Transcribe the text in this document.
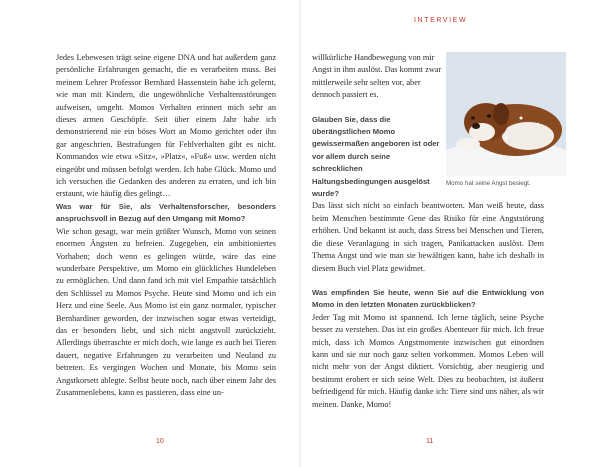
INTERVIEW

Jedes Lebewesen trägt seine eigene DNA und hat außerdem ganz persönliche Erfahrungen gemacht, die es verarbeiten muss. Bei meinem Lehrer Professor Bernhard Hassenstein habe ich gelernt, wie man mit Kindern, die ungewöhnliche Verhaltensstörungen aufweisen, umgeht. Momos Verhalten erinnert mich sehr an dieses armen Geschöpfe. Seit über einem Jahr habe ich demonstrierend nie ein böses Wort an Momo gerichtet oder ihn gar angeschrien. Bestrafungen für Fehlverhalten gibt es nicht. Kommandos wie etwa »Sitz«, »Platz«, »Fuß« usw. werden nicht eingeübt und müssen befolgt werden. Ich habe Glück. Momo und ich versuchen die Gedanken des anderen zu erraten, und ich bin erstaunt, wie häufig dies gelingt…

Was war für Sie, als Verhaltensforscher, besonders anspruchsvoll in Bezug auf den Umgang mit Momo?

Wie schon gesagt, war mein größter Wunsch, Momo von seinen enormen Ängsten zu befreien. Zugegeben, ein ambitioniertes Vorhaben; doch wenn es gelingen würde, wäre das eine wunderbare Perspektive, um Momo ein glückliches Hundeleben zu ermöglichen. Und dann fand ich mit viel Empathie tatsächlich den Schlüssel zu Momos Psyche. Heute sind Momo und ich ein Herz und eine Seele. Aus Momo ist ein ganz normaler, typischer Bernhardiner geworden, der inzwischen sogar etwas verteidigt, das er besonders liebt, und sich nicht angstvoll zurückzieht. Allerdings überraschte er mich doch, wie lange es auch bei Tieren dauert, negative Erfahrungen zu verarbeiten und Neuland zu betreten. Es vergingen Wochen und Monate, bis Momo sein Angstkorsett ablegte. Selbst heute noch, nach über einem Jahr des Zusammenlebens, kann es passieren, dass eine un-

Momo hat seine Angst besiegt.

willkürliche Handbewegung von mir Angst in ihm auslöst. Das kommt zwar mittlerweile sehr selten vor, aber dennoch passiert es.

Glauben Sie, dass die überängstlichen Momo gewissermaßen angeboren ist oder vor allem durch seine schrecklichen Haltungsbedingungen ausgelöst wurde?

Das lässt sich nicht so einfach beantworten. Man weiß heute, dass beim Menschen bestimmte Gene das Risiko für eine Angststörung erhöhen. Und bekannt ist auch, dass Stress bei Menschen und Tieren, die diese Veranlagung in sich tragen, Panikattacken auslöst. Dem Thema Angst und wie man sie bewältigen kann, habe ich deshalb in diesem Buch viel Platz gewidmet.

Was empfinden Sie heute, wenn Sie auf die Entwicklung von Momo in den letzten Monaten zurückblicken?

Jeder Tag mit Momo ist spannend. Ich lerne täglich, seine Psyche besser zu verstehen. Das ist ein großes Abenteuer für mich. Ich freue mich, dass ich Momos Angstmomente inzwischen gut einordnen kann und sie nur noch ganz selten vorkommen. Momos Leben will nicht mehr von der Angst diktiert. Vorsichtig, aber neugierig und bestimmt erobert er sich seine Welt. Dies zu beobachten, ist äußerst befriedigend für mich. Häufig danke ich: Tiere sind uns näher, als wir meinen. Danke, Momo!

10	11
